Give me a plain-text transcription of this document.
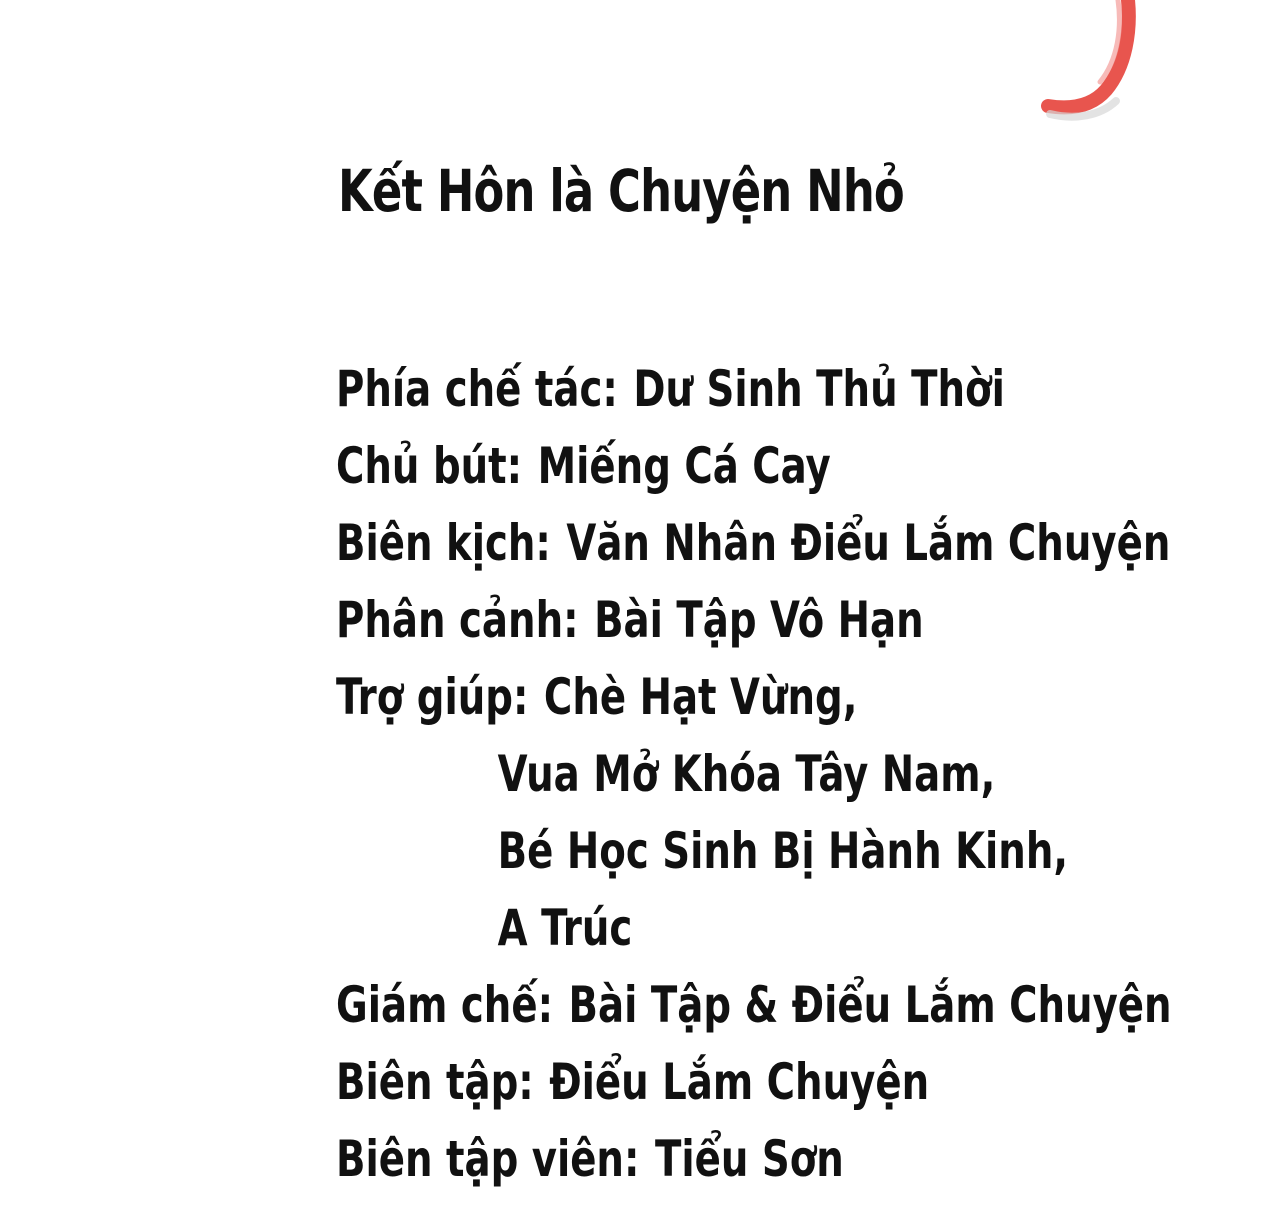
Kết Hôn là Chuyện Nhỏ
Phía chế tác: Dư Sinh Thủ Thời
Chủ bút: Miếng Cá Cay
Biên kịch: Văn Nhân Điểu Lắm Chuyện
Phân cảnh: Bài Tập Vô Hạn
Trợ giúp: Chè Hạt Vừng,
Vua Mở Khóa Tây Nam,
Bé Học Sinh Bị Hành Kinh,
A Trúc
Giám chế: Bài Tập & Điểu Lắm Chuyện
Biên tập: Điểu Lắm Chuyện
Biên tập viên: Tiểu Sơn
